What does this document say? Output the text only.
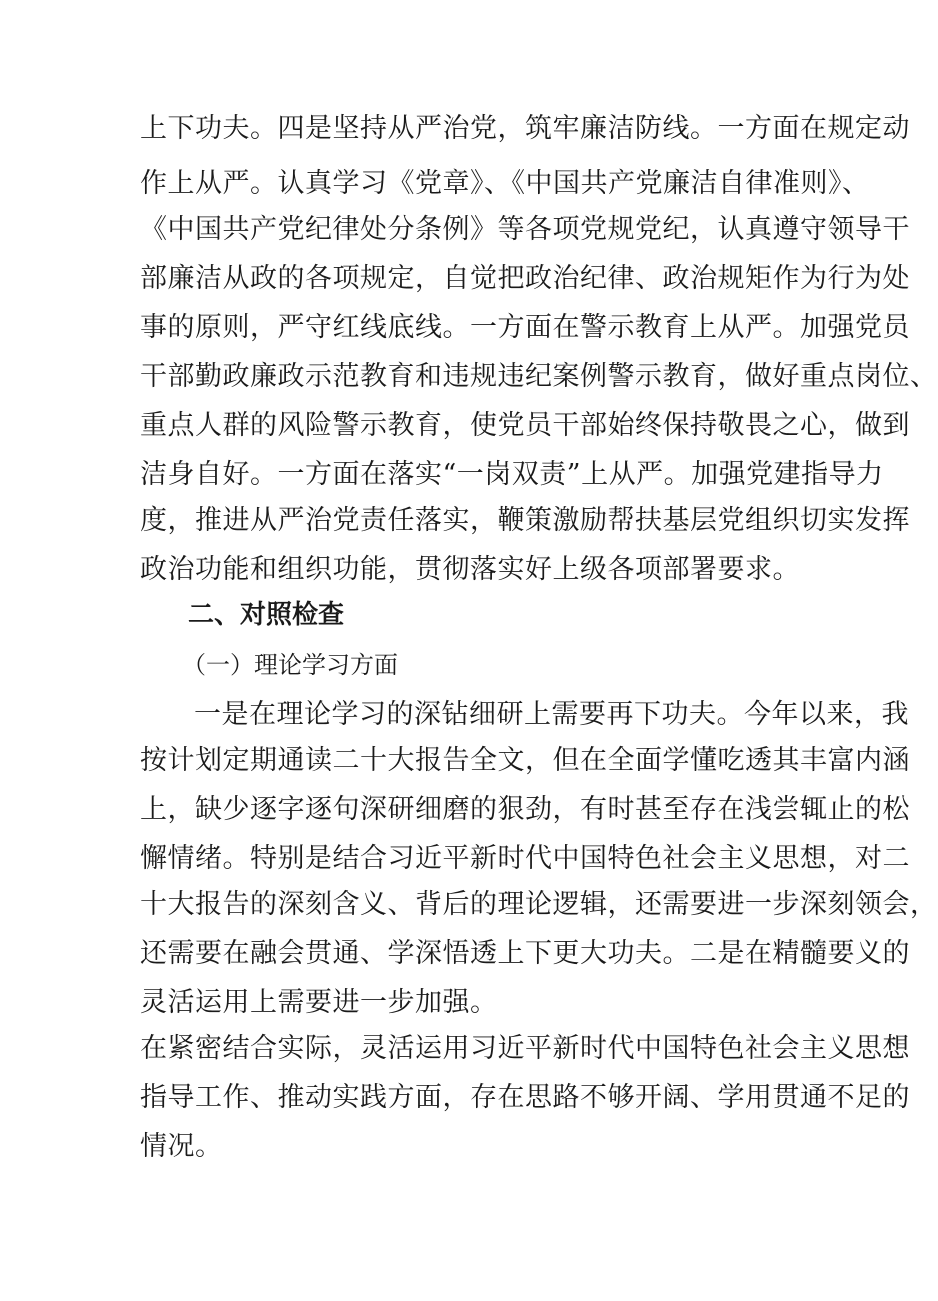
上下功夫。四是坚持从严治党，筑牢廉洁防线。一方面在规定动
作上从严。认真学习《党章》、《中国共产党廉洁自律准则》、
《中国共产党纪律处分条例》等各项党规党纪，认真遵守领导干
部廉洁从政的各项规定，自觉把政治纪律、政治规矩作为行为处
事的原则，严守红线底线。一方面在警示教育上从严。加强党员
干部勤政廉政示范教育和违规违纪案例警示教育，做好重点岗位、
重点人群的风险警示教育，使党员干部始终保持敬畏之心，做到
洁身自好。一方面在落实“一岗双责”上从严。加强党建指导力
度，推进从严治党责任落实，鞭策激励帮扶基层党组织切实发挥
政治功能和组织功能，贯彻落实好上级各项部署要求。
二、对照检查
（一）理论学习方面
一是在理论学习的深钻细研上需要再下功夫。今年以来，我
按计划定期通读二十大报告全文，但在全面学懂吃透其丰富内涵
上，缺少逐字逐句深研细磨的狠劲，有时甚至存在浅尝辄止的松
懈情绪。特别是结合习近平新时代中国特色社会主义思想，对二
十大报告的深刻含义、背后的理论逻辑，还需要进一步深刻领会，
还需要在融会贯通、学深悟透上下更大功夫。二是在精髓要义的
灵活运用上需要进一步加强。
在紧密结合实际，灵活运用习近平新时代中国特色社会主义思想
指导工作、推动实践方面，存在思路不够开阔、学用贯通不足的
情况。
